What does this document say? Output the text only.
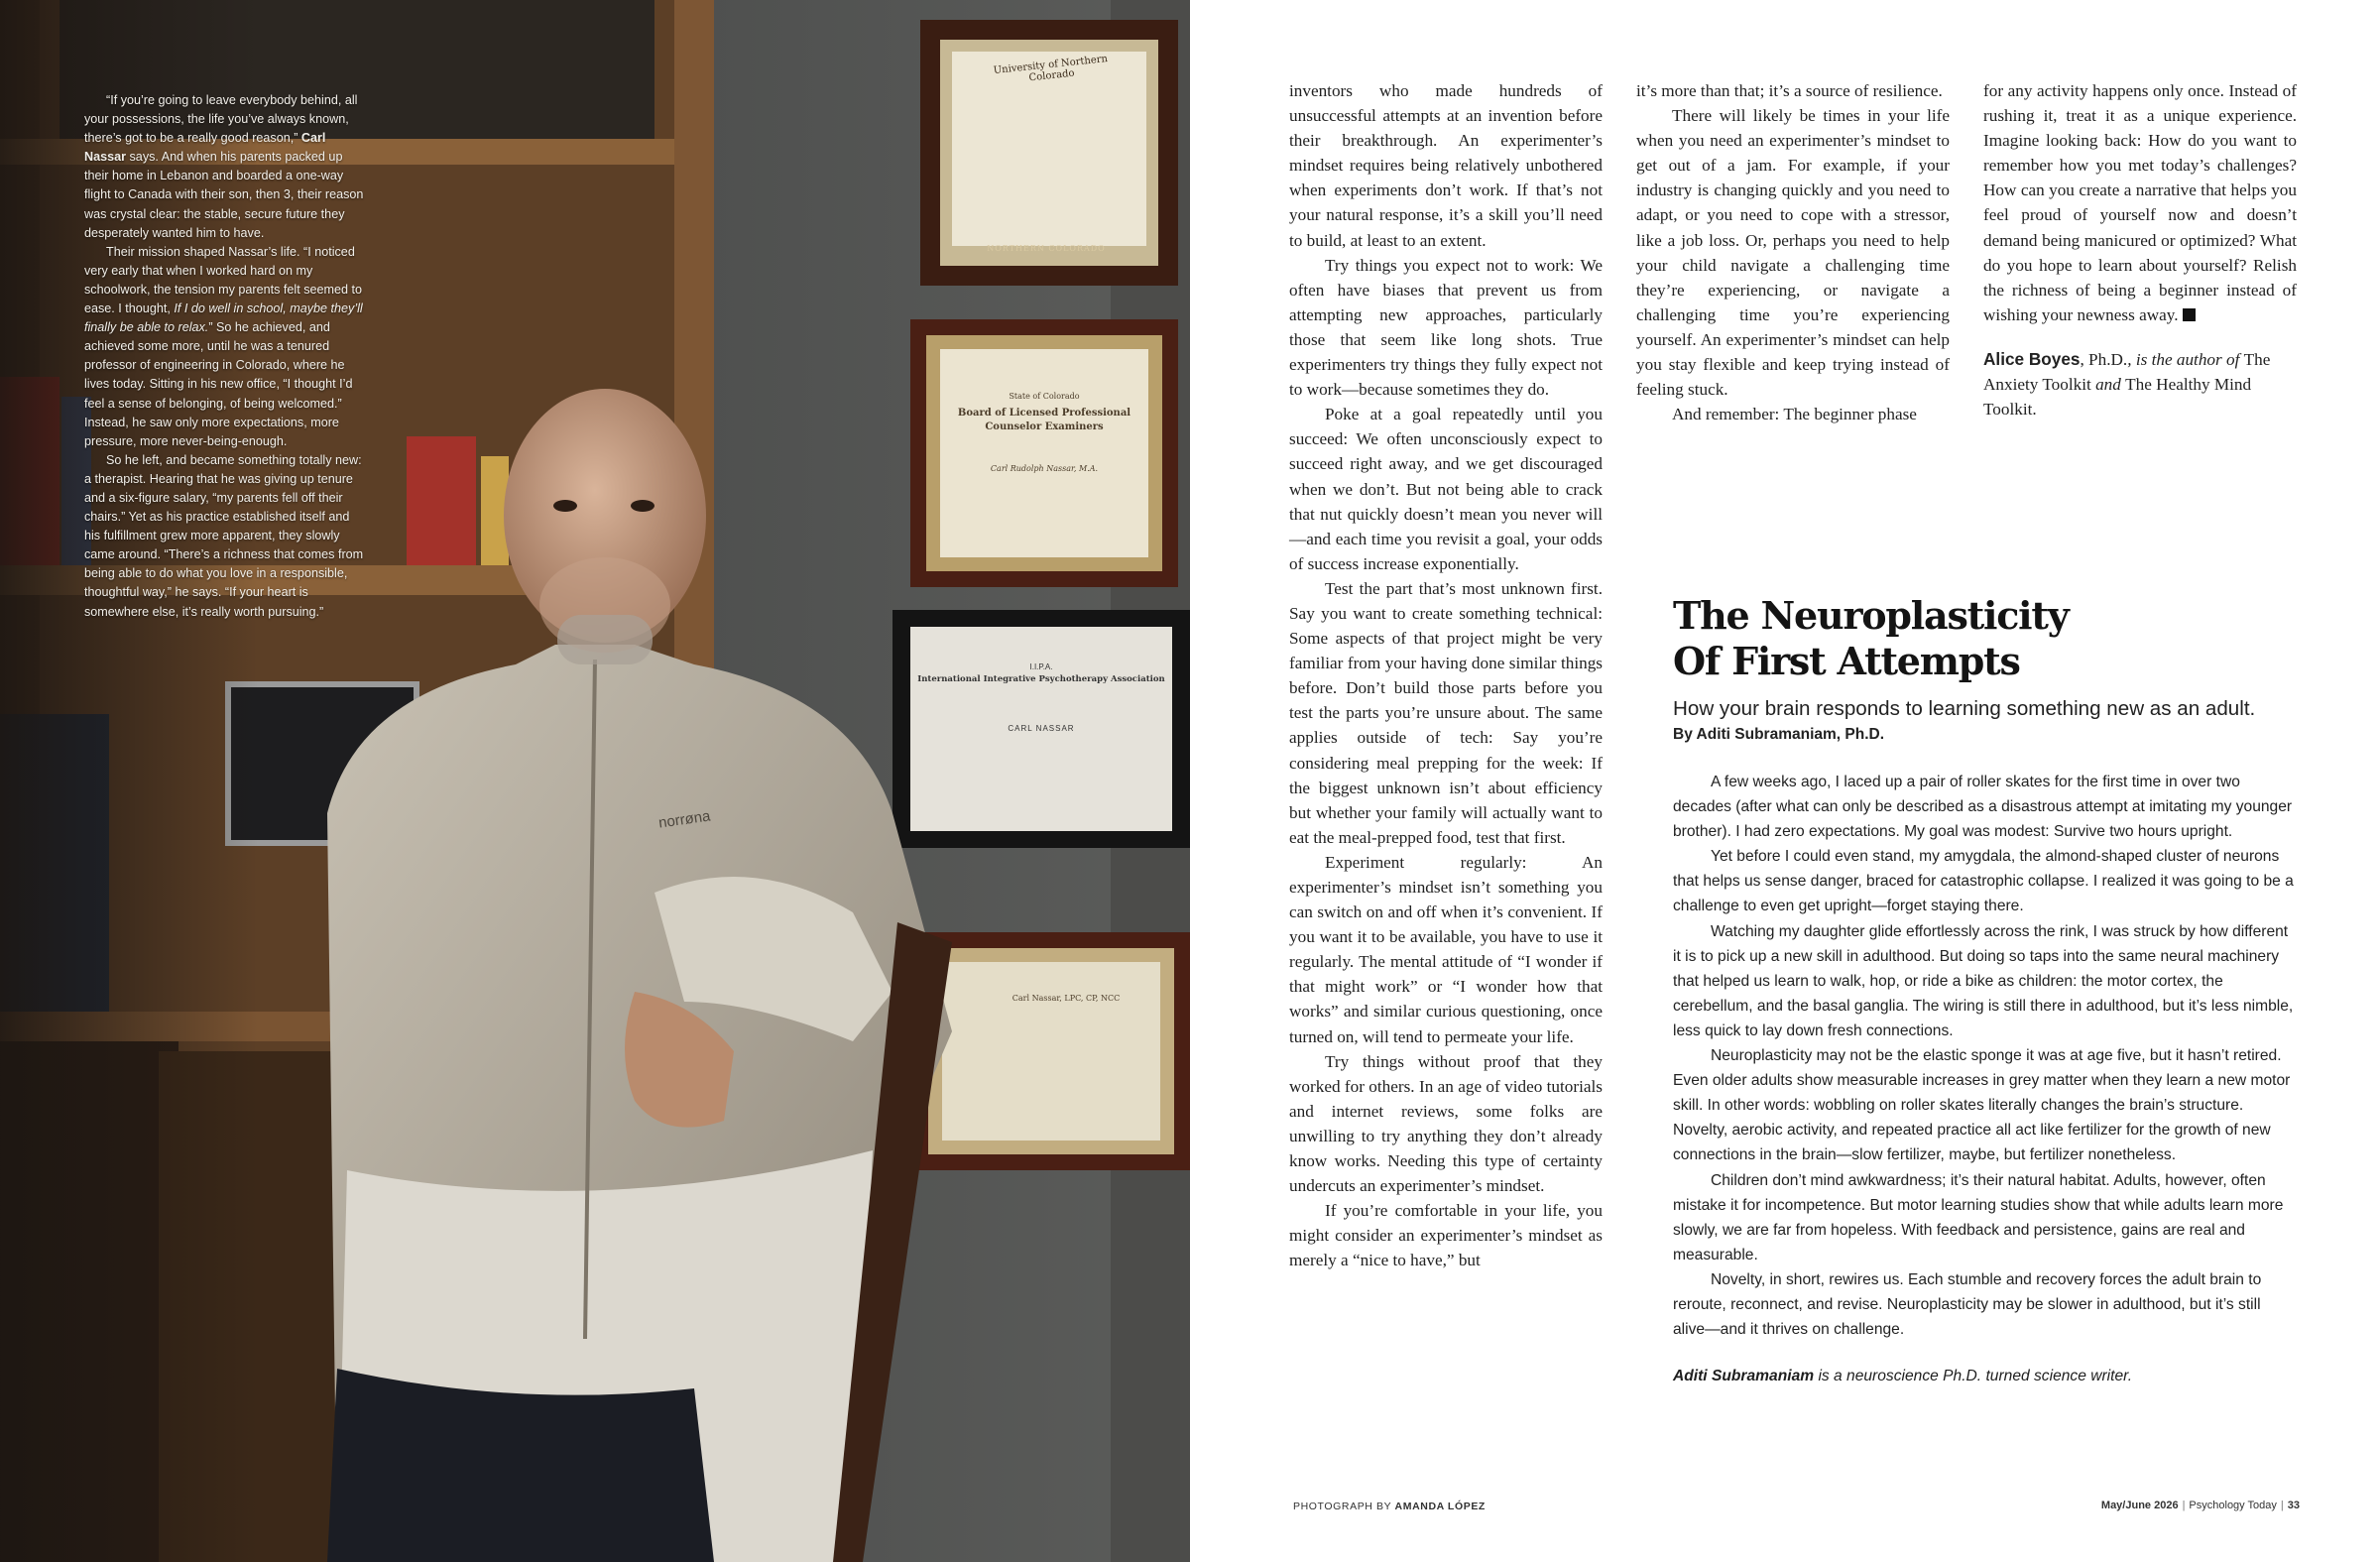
University of Northern Colorado
NORTHERN COLORADO
State of Colorado
Board of Licensed Professional Counselor Examiners
Carl Rudolph Nassar, M.A.
I.I.P.A.
International Integrative Psychotherapy Association
CARL NASSAR
Carl Nassar, LPC, CP, NCC
norrøna

“If you’re going to leave everybody behind, all your possessions, the life you’ve always known, there’s got to be a really good reason,” Carl Nassar says. And when his parents packed up their home in Lebanon and boarded a one-way flight to Canada with their son, then 3, their reason was crystal clear: the stable, secure future they desperately wanted him to have.

Their mission shaped Nassar’s life. “I noticed very early that when I worked hard on my schoolwork, the tension my parents felt seemed to ease. I thought, If I do well in school, maybe they’ll finally be able to relax.” So he achieved, and achieved some more, until he was a tenured professor of engineering in Colorado, where he lives today. Sitting in his new office, “I thought I’d feel a sense of belonging, of being welcomed.” Instead, he saw only more expectations, more pressure, more never-being-enough.

So he left, and became something totally new: a therapist. Hearing that he was giving up tenure and a six-figure salary, “my parents fell off their chairs.” Yet as his practice established itself and his fulfillment grew more apparent, they slowly came around. “There’s a richness that comes from being able to do what you love in a responsible, thoughtful way,” he says. “If your heart is somewhere else, it’s really worth pursuing.”

inventors who made hundreds of unsuccessful attempts at an invention before their breakthrough. An experimenter’s mindset requires being relatively unbothered when experiments don’t work. If that’s not your natural response, it’s a skill you’ll need to build, at least to an extent.

Try things you expect not to work: We often have biases that prevent us from attempting new approaches, particularly those that seem like long shots. True experimenters try things they fully expect not to work—because sometimes they do.

Poke at a goal repeatedly until you succeed: We often unconsciously expect to succeed right away, and we get discouraged when we don’t. But not being able to crack that nut quickly doesn’t mean you never will—and each time you revisit a goal, your odds of success increase exponentially.

Test the part that’s most unknown first. Say you want to create something technical: Some aspects of that project might be very familiar from your having done similar things before. Don’t build those parts before you test the parts you’re unsure about. The same applies outside of tech: Say you’re considering meal prepping for the week: If the biggest unknown isn’t about efficiency but whether your family will actually want to eat the meal-prepped food, test that first.

Experiment regularly: An experimenter’s mindset isn’t something you can switch on and off when it’s convenient. If you want it to be available, you have to use it regularly. The mental attitude of “I wonder if that might work” or “I wonder how that works” and similar curious questioning, once turned on, will tend to permeate your life.

Try things without proof that they worked for others. In an age of video tutorials and internet reviews, some folks are unwilling to try anything they don’t already know works. Needing this type of certainty undercuts an experimenter’s mindset.

If you’re comfortable in your life, you might consider an experimenter’s mindset as merely a “nice to have,” but

it’s more than that; it’s a source of resilience.

There will likely be times in your life when you need an experimenter’s mindset to get out of a jam. For example, if your industry is changing quickly and you need to adapt, or you need to cope with a stressor, like a job loss. Or, perhaps you need to help your child navigate a challenging time they’re experiencing, or navigate a challenging time you’re experiencing yourself. An experimenter’s mindset can help you stay flexible and keep trying instead of feeling stuck.

And remember: The beginner phase

for any activity happens only once. Instead of rushing it, treat it as a unique experience. Imagine looking back: How do you want to remember how you met today’s challenges? How can you create a narrative that helps you feel proud of yourself now and doesn’t demand being manicured or optimized? What do you hope to learn about yourself? Relish the richness of being a beginner instead of wishing your newness away.

Alice Boyes, Ph.D., is the author of The Anxiety Toolkit and The Healthy Mind Toolkit.

The Neuroplasticity Of First Attempts
How your brain responds to learning something new as an adult.
By Aditi Subramaniam, Ph.D.

A few weeks ago, I laced up a pair of roller skates for the first time in over two decades (after what can only be described as a disastrous attempt at imitating my younger brother). I had zero expectations. My goal was modest: Survive two hours upright.

Yet before I could even stand, my amygdala, the almond-shaped cluster of neurons that helps us sense danger, braced for catastrophic collapse. I realized it was going to be a challenge to even get upright—forget staying there.

Watching my daughter glide effortlessly across the rink, I was struck by how different it is to pick up a new skill in adulthood. But doing so taps into the same neural machinery that helped us learn to walk, hop, or ride a bike as children: the motor cortex, the cerebellum, and the basal ganglia. The wiring is still there in adulthood, but it’s less nimble, less quick to lay down fresh connections.

Neuroplasticity may not be the elastic sponge it was at age five, but it hasn’t retired. Even older adults show measurable increases in grey matter when they learn a new motor skill. In other words: wobbling on roller skates literally changes the brain’s structure. Novelty, aerobic activity, and repeated practice all act like fertilizer for the growth of new connections in the brain—slow fertilizer, maybe, but fertilizer nonetheless.

Children don’t mind awkwardness; it’s their natural habitat. Adults, however, often mistake it for incompetence. But motor learning studies show that while adults learn more slowly, we are far from hopeless. With feedback and persistence, gains are real and measurable.

Novelty, in short, rewires us. Each stumble and recovery forces the adult brain to reroute, reconnect, and revise. Neuroplasticity may be slower in adulthood, but it’s still alive—and it thrives on challenge.

Aditi Subramaniam is a neuroscience Ph.D. turned science writer.
PHOTOGRAPH BY AMANDA LÓPEZ	May/June 2026 | Psychology Today | 33
